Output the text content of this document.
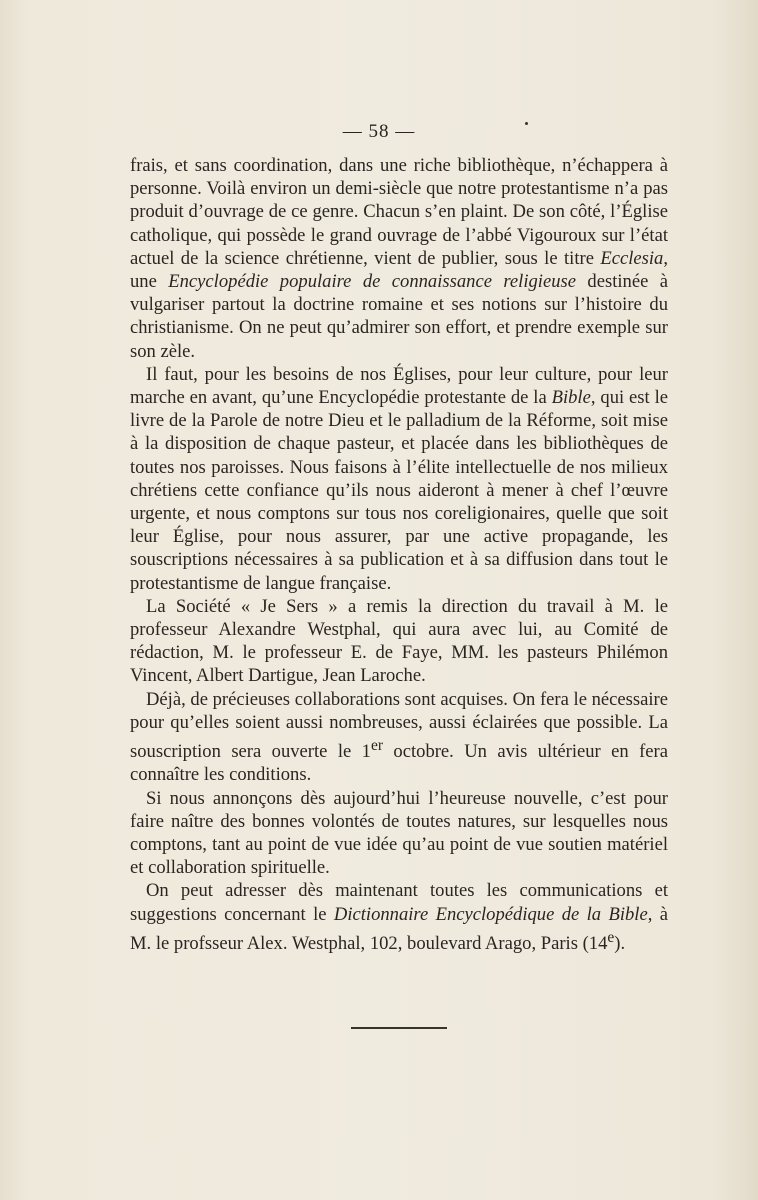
— 58 —

frais, et sans coordination, dans une riche bibliothèque, n’échappera à personne. Voilà environ un demi-siècle que notre protestantisme n’a pas produit d’ouvrage de ce genre. Chacun s’en plaint. De son côté, l’Église catholique, qui possède le grand ouvrage de l’abbé Vigouroux sur l’état actuel de la science chrétienne, vient de publier, sous le titre Ecclesia, une Encyclopédie populaire de connaissance religieuse destinée à vulgariser partout la doctrine romaine et ses notions sur l’histoire du christianisme. On ne peut qu’admirer son effort, et prendre exemple sur son zèle.

Il faut, pour les besoins de nos Églises, pour leur culture, pour leur marche en avant, qu’une Encyclopédie protestante de la Bible, qui est le livre de la Parole de notre Dieu et le palladium de la Réforme, soit mise à la disposition de chaque pasteur, et placée dans les bibliothèques de toutes nos paroisses. Nous faisons à l’élite intellectuelle de nos milieux chrétiens cette confiance qu’ils nous aideront à mener à chef l’œuvre urgente, et nous comptons sur tous nos coreligionaires, quelle que soit leur Église, pour nous assurer, par une active propagande, les souscriptions nécessaires à sa publication et à sa diffusion dans tout le protestantisme de langue française.

La Société « Je Sers » a remis la direction du travail à M. le professeur Alexandre Westphal, qui aura avec lui, au Comité de rédaction, M. le professeur E. de Faye, MM. les pasteurs Philémon Vincent, Albert Dartigue, Jean Laroche.

Déjà, de précieuses collaborations sont acquises. On fera le nécessaire pour qu’elles soient aussi nombreuses, aussi éclairées que possible. La souscription sera ouverte le 1er octobre. Un avis ultérieur en fera connaître les conditions.

Si nous annonçons dès aujourd’hui l’heureuse nouvelle, c’est pour faire naître des bonnes volontés de toutes natures, sur lesquelles nous comptons, tant au point de vue idée qu’au point de vue soutien matériel et collaboration spirituelle.

On peut adresser dès maintenant toutes les communications et suggestions concernant le Dictionnaire Encyclopédique de la Bible, à M. le profsseur Alex. Westphal, 102, boulevard Arago, Paris (14e).
